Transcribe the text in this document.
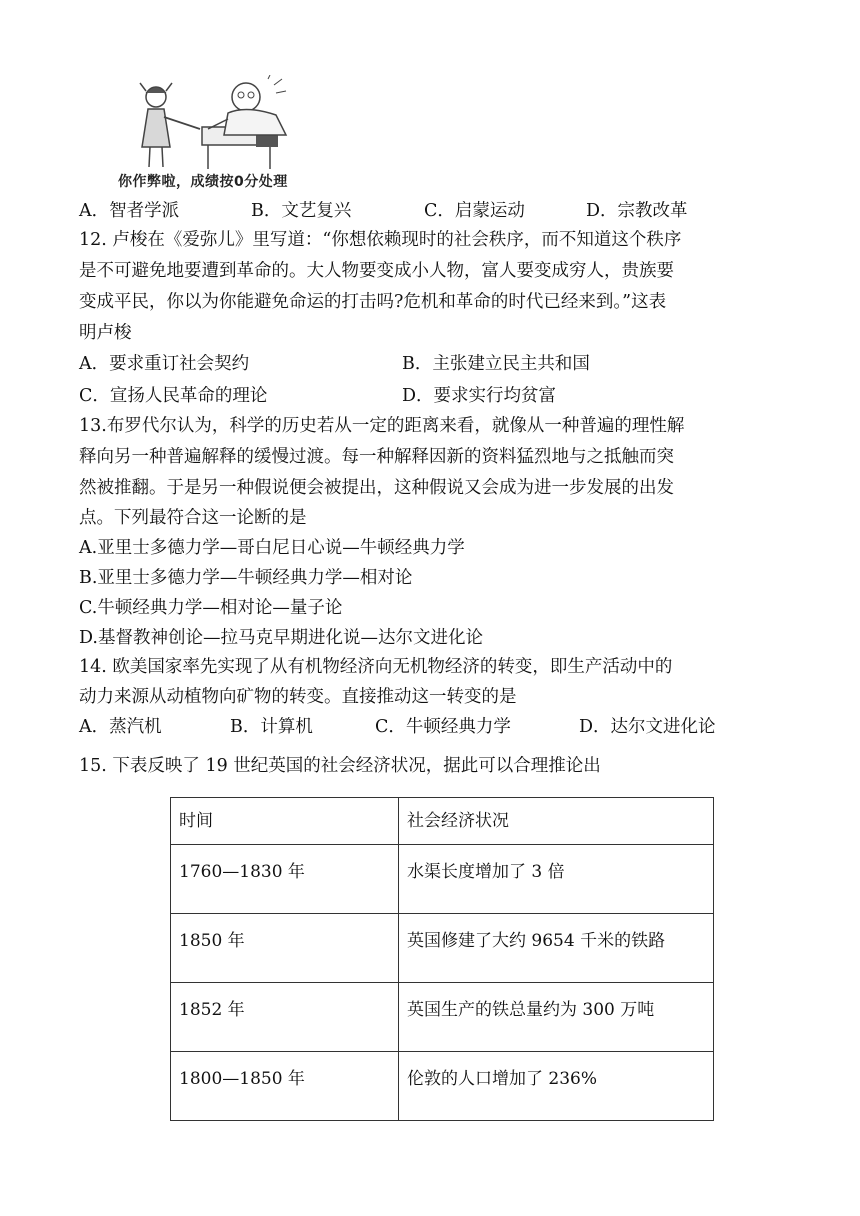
你作弊啦，成绩按0分处理
A．智者学派	B．文艺复兴	C．启蒙运动	D．宗教改革
12. 卢梭在《爱弥儿》里写道：“你想依赖现时的社会秩序，而不知道这个秩序
是不可避免地要遭到革命的。大人物要变成小人物，富人要变成穷人，贵族要
变成平民，你以为你能避免命运的打击吗?危机和革命的时代已经来到。”这表
明卢梭
A．要求重订社会契约	B．主张建立民主共和国
C．宣扬人民革命的理论	D．要求实行均贫富
13.布罗代尔认为，科学的历史若从一定的距离来看，就像从一种普遍的理性解
释向另一种普遍解释的缓慢过渡。每一种解释因新的资料猛烈地与之抵触而突
然被推翻。于是另一种假说便会被提出，这种假说又会成为进一步发展的出发
点。下列最符合这一论断的是
A.亚里士多德力学—哥白尼日心说—牛顿经典力学
B.亚里士多德力学—牛顿经典力学—相对论
C.牛顿经典力学—相对论—量子论
D.基督教神创论—拉马克早期进化说—达尔文进化论
14. 欧美国家率先实现了从有机物经济向无机物经济的转变，即生产活动中的
动力来源从动植物向矿物的转变。直接推动这一转变的是
A．蒸汽机	B．计算机	C．牛顿经典力学	D．达尔文进化论
15. 下表反映了 19 世纪英国的社会经济状况，据此可以合理推论出
时间	社会经济状况
1760—1830 年	水渠长度增加了 3 倍
1850 年	英国修建了大约 9654 千米的铁路
1852 年	英国生产的铁总量约为 300 万吨
1800—1850 年	伦敦的人口增加了 236%
